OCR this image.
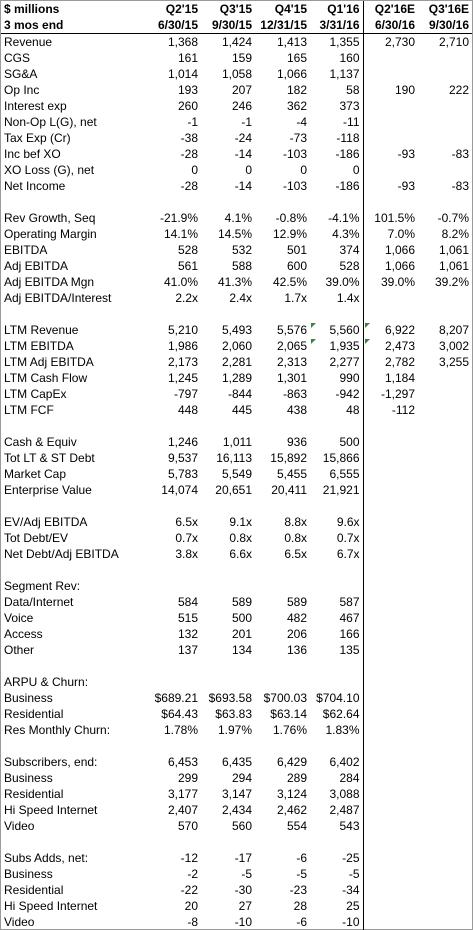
$ millions	Q2'15	Q3'15	Q4'15	Q1'16	Q2'16E	Q3'16E
3 mos end	6/30/15	9/30/15	12/31/15	3/31/16	6/30/16	9/30/16
Revenue	1,368	1,424	1,413	1,355	2,730	2,710
CGS	161	159	165	160		
SG&A	1,014	1,058	1,066	1,137		
Op Inc	193	207	182	58	190	222
Interest exp	260	246	362	373		
Non-Op L(G), net	-1	-1	-4	-11		
Tax Exp (Cr)	-38	-24	-73	-118		
Inc bef XO	-28	-14	-103	-186	-93	-83
XO Loss (G), net	0	0	0	0		
Net Income	-28	-14	-103	-186	-93	-83

Rev Growth, Seq	-21.9%	4.1%	-0.8%	-4.1%	101.5%	-0.7%
Operating Margin	14.1%	14.5%	12.9%	4.3%	7.0%	8.2%
EBITDA	528	532	501	374	1,066	1,061
Adj EBITDA	561	588	600	528	1,066	1,061
Adj EBITDA Mgn	41.0%	41.3%	42.5%	39.0%	39.0%	39.2%
Adj EBITDA/Interest	2.2x	2.4x	1.7x	1.4x		

LTM Revenue	5,210	5,493	5,576	5,560	6,922	8,207
LTM EBITDA	1,986	2,060	2,065	1,935	2,473	3,002
LTM Adj EBITDA	2,173	2,281	2,313	2,277	2,782	3,255
LTM Cash Flow	1,245	1,289	1,301	990	1,184	
LTM CapEx	-797	-844	-863	-942	-1,297	
LTM FCF	448	445	438	48	-112	

Cash & Equiv	1,246	1,011	936	500		
Tot LT & ST Debt	9,537	16,113	15,892	15,866		
Market Cap	5,783	5,549	5,455	6,555		
Enterprise Value	14,074	20,651	20,411	21,921		

EV/Adj EBITDA	6.5x	9.1x	8.8x	9.6x		
Tot Debt/EV	0.7x	0.8x	0.8x	0.7x		
Net Debt/Adj EBITDA	3.8x	6.6x	6.5x	6.7x		

Segment Rev:						
Data/Internet	584	589	589	587		
Voice	515	500	482	467		
Access	132	201	206	166		
Other	137	134	136	135		

ARPU & Churn:						
Business	$689.21	$693.58	$700.03	$704.10		
Residential	$64.43	$63.83	$63.14	$62.64		
Res Monthly Churn:	1.78%	1.97%	1.76%	1.83%		

Subscribers, end:	6,453	6,435	6,429	6,402		
Business	299	294	289	284		
Residential	3,177	3,147	3,124	3,088		
Hi Speed Internet	2,407	2,434	2,462	2,487		
Video	570	560	554	543		

Subs Adds, net:	-12	-17	-6	-25		
Business	-2	-5	-5	-5		
Residential	-22	-30	-23	-34		
Hi Speed Internet	20	27	28	25		
Video	-8	-10	-6	-10		
